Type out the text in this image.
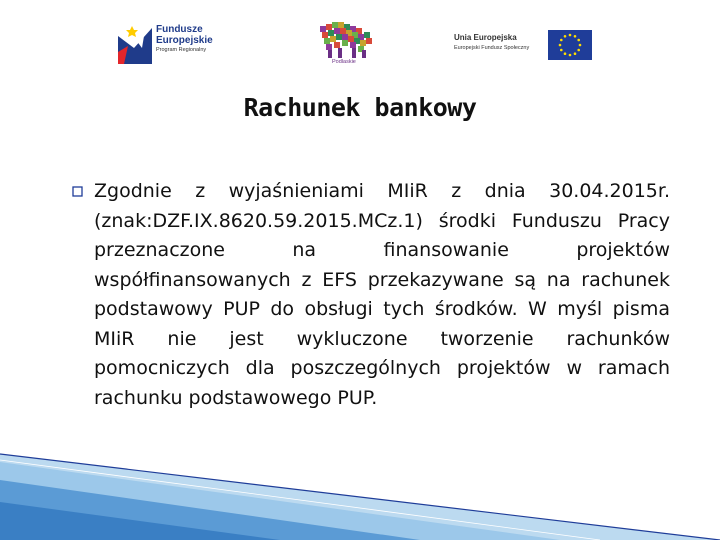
Fundusze
Europejskie
Program Regionalny
Podlaskie
Unia Europejska
Europejski Fundusz Społeczny
Rachunek bankowy

Zgodnie z wyjaśnieniami MIiR z dnia 30.04.2015r. (znak:DZF.IX.8620.59.2015.MCz.1) środki Funduszu Pracy przeznaczone na finansowanie projektów współfinansowanych z EFS przekazywane są na rachunek podstawowy PUP do obsługi tych środków. W myśl pisma MIiR nie jest wykluczone tworzenie rachunków pomocniczych dla poszczególnych projektów w ramach rachunku podstawowego PUP.
